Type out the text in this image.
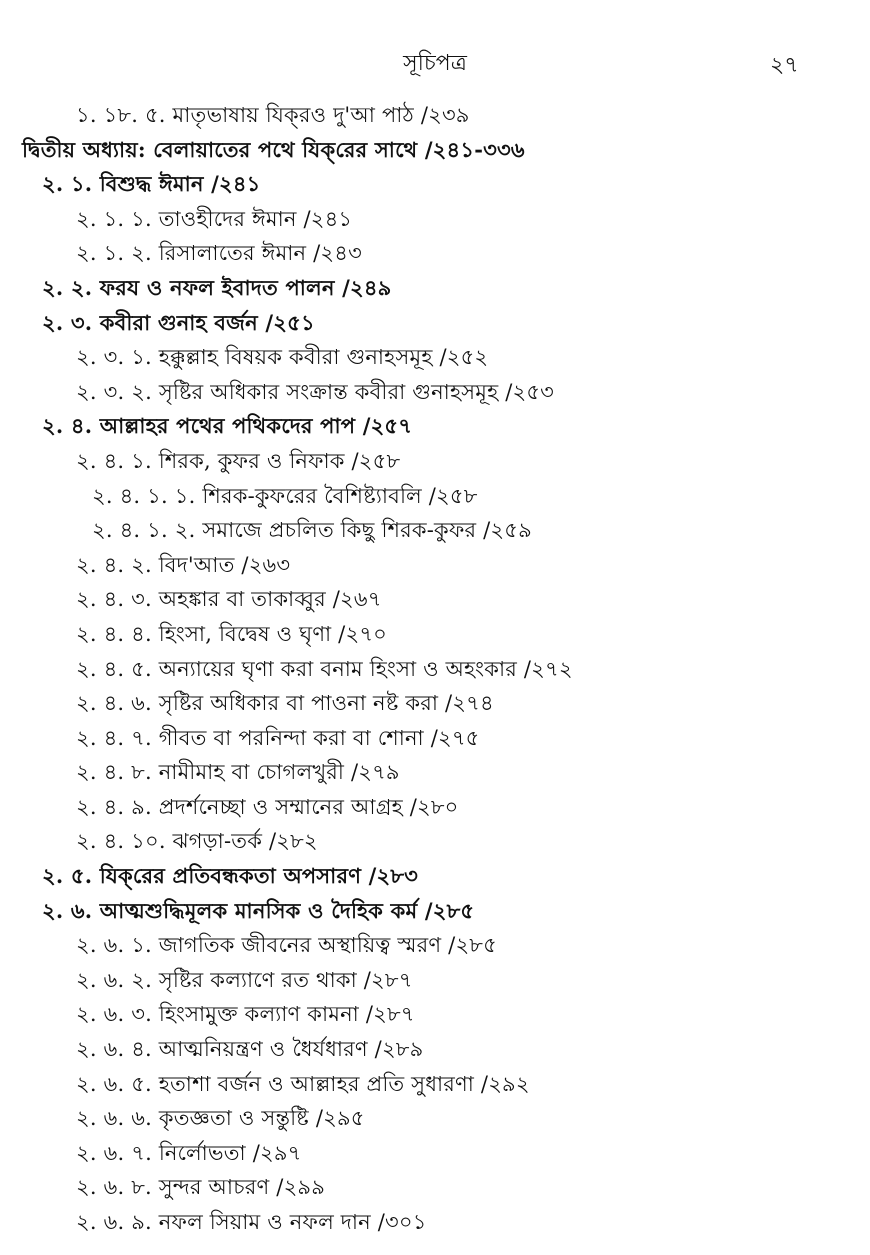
সূচিপত্র	২৭
১. ১৮. ৫. মাতৃভাষায় যিক্‌রও দু'আ পাঠ /২৩৯
দ্বিতীয় অধ্যায়: বেলায়াতের পথে যিক্‌রের সাথে /২৪১-৩৩৬
২. ১. বিশুদ্ধ ঈমান /২৪১
২. ১. ১. তাওহীদের ঈমান /২৪১
২. ১. ২. রিসালাতের ঈমান /২৪৩
২. ২. ফরয ও নফল ইবাদত পালন /২৪৯
২. ৩. কবীরা গুনাহ বর্জন /২৫১
২. ৩. ১. হক্কুল্লাহ বিষয়ক কবীরা গুনাহসমূহ /২৫২
২. ৩. ২. সৃষ্টির অধিকার সংক্রান্ত কবীরা গুনাহসমূহ /২৫৩
২. ৪. আল্লাহর পথের পথিকদের পাপ /২৫৭
২. ৪. ১. শিরক, কুফর ও নিফাক /২৫৮
২. ৪. ১. ১. শিরক-কুফরের বৈশিষ্ট্যাবলি /২৫৮
২. ৪. ১. ২. সমাজে প্রচলিত কিছু শিরক-কুফর /২৫৯
২. ৪. ২. বিদ'আত /২৬৩
২. ৪. ৩. অহঙ্কার বা তাকাব্বুর /২৬৭
২. ৪. ৪. হিংসা, বিদ্বেষ ও ঘৃণা /২৭০
২. ৪. ৫. অন্যায়ের ঘৃণা করা বনাম হিংসা ও অহংকার /২৭২
২. ৪. ৬. সৃষ্টির অধিকার বা পাওনা নষ্ট করা /২৭৪
২. ৪. ৭. গীবত বা পরনিন্দা করা বা শোনা /২৭৫
২. ৪. ৮. নামীমাহ বা চোগলখুরী /২৭৯
২. ৪. ৯. প্রদর্শনেচ্ছা ও সম্মানের আগ্রহ /২৮০
২. ৪. ১০. ঝগড়া-তর্ক /২৮২
২. ৫. যিক্‌রের প্রতিবন্ধকতা অপসারণ /২৮৩
২. ৬. আত্মশুদ্ধিমূলক মানসিক ও দৈহিক কর্ম /২৮৫
২. ৬. ১. জাগতিক জীবনের অস্থায়িত্ব স্মরণ /২৮৫
২. ৬. ২. সৃষ্টির কল্যাণে রত থাকা /২৮৭
২. ৬. ৩. হিংসামুক্ত কল্যাণ কামনা /২৮৭
২. ৬. ৪. আত্মনিয়ন্ত্রণ ও ধৈর্যধারণ /২৮৯
২. ৬. ৫. হতাশা বর্জন ও আল্লাহর প্রতি সুধারণা /২৯২
২. ৬. ৬. কৃতজ্ঞতা ও সন্তুষ্টি /২৯৫
২. ৬. ৭. নির্লোভতা /২৯৭
২. ৬. ৮. সুন্দর আচরণ /২৯৯
২. ৬. ৯. নফল সিয়াম ও নফল দান /৩০১
